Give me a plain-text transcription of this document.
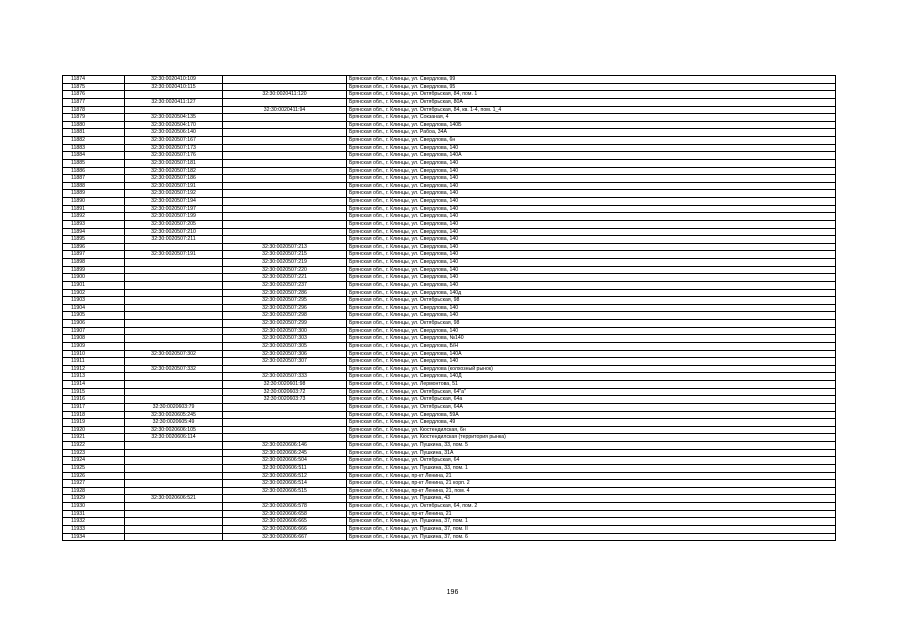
11874	32:30:0020410:109		Брянская обл., г. Клинцы, ул. Свердлова, 99
11875	32:30:0020410:115		Брянская обл., г. Клинцы, ул. Свердлова, 95
11876		32:30:0020411:120	Брянская обл., г. Клинцы, ул. Октябрьская, 84, пом. 1
11877	32:30:0020411:127		Брянская обл., г. Клинцы, ул. Октябрьская, 80А
11878		32:30:0020411:94	Брянская обл., г. Клинцы, ул. Октябрьская, 84, кв. 1-4, пом. 1_4
11879	32:30:0020504:135		Брянская обл., г. Клинцы, ул. Сокзаная, 4
11880	32:30:0020504:170		Брянская обл., г. Клинцы, ул. Свердлова, 140Б
11881	32:30:0020506:140		Брянская обл., г. Клинцы, ул. Рабоа, 34А
11882	32:30:0020507:167		Брянская обл., г. Клинцы, ул. Свердлова, 6н
11883	32:30:0020507:173		Брянская обл., г. Клинцы, ул. Свердлова, 140
11884	32:30:0020507:176		Брянская обл., г. Клинцы, ул. Свердлова, 140А
11885	32:30:0020507:181		Брянская обл., г. Клинцы, ул. Свердлова, 140
11886	32:30:0020507:182		Брянская обл., г. Клинцы, ул. Свердлова, 140
11887	32:30:0020507:186		Брянская обл., г. Клинцы, ул. Свердлова, 140
11888	32:30:0020507:191		Брянская обл., г. Клинцы, ул. Свердлова, 140
11889	32:30:0020507:192		Брянская обл., г. Клинцы, ул. Свердлова, 140
11890	32:30:0020507:194		Брянская обл., г. Клинцы, ул. Свердлова, 140
11891	32:30:0020507:197		Брянская обл., г. Клинцы, ул. Свердлова, 140
11892	32:30:0020507:199		Брянская обл., г. Клинцы, ул. Свердлова, 140
11893	32:30:0020507:205		Брянская обл., г. Клинцы, ул. Свердлова, 140
11894	32:30:0020507:210		Брянская обл., г. Клинцы, ул. Свердлова, 140
11895	32:30:0020507:211		Брянская обл., г. Клинцы, ул. Свердлова, 140
11896		32:30:0020507:213	Брянская обл., г. Клинцы, ул. Свердлова, 140
11897	32:30:0020507:191	32:30:0020507:215	Брянская обл., г. Клинцы, ул. Свердлова, 140
11898		32:30:0020507:219	Брянская обл., г. Клинцы, ул. Свердлова, 140
11899		32:30:0020507:220	Брянская обл., г. Клинцы, ул. Свердлова, 140
11900		32:30:0020507:221	Брянская обл., г. Клинцы, ул. Свердлова, 140
11901		32:30:0020507:237	Брянская обл., г. Клинцы, ул. Свердлова, 140
11902		32:30:0020507:286	Брянская обл., г. Клинцы, ул. Свердлова, 140д
11903		32:30:0020507:295	Брянская обл., г. Клинцы, ул. Октябрьская, 98
11904		32:30:0020507:296	Брянская обл., г. Клинцы, ул. Свердлова, 140
11905		32:30:0020507:298	Брянская обл., г. Клинцы, ул. Свердлова, 140
11906		32:30:0020507:299	Брянская обл., г. Клинцы, ул. Октябрьская, 98
11907		32:30:0020507:300	Брянская обл., г. Клинцы, ул. Свердлова, 140
11908		32:30:0020507:303	Брянская обл., г. Клинцы, ул. Свердлова, №140
11909		32:30:0020507:305	Брянская обл., г. Клинцы, ул. Свердлова, Б/Н
11910	32:30:0020507:302	32:30:0020507:306	Брянская обл., г. Клинцы, ул. Свердлова, 140А
11911		32:30:0020507:307	Брянская обл., г. Клинцы, ул. Свердлова, 140
11912	32:30:0020507:332		Брянская обл., г. Клинцы, ул. Свердлова (колхозный рынок)
11913		32:30:0020507:333	Брянская обл., г. Клинцы, ул. Свердлова, 140Д
11914		32:30:0020601:98	Брянская обл., г. Клинцы, ул. Лермонтова, 51
11915		32:30:0020603:72	Брянская обл., г. Клинцы, ул. Октябрьская, 64"а"
11916		32:30:0020603:73	Брянская обл., г. Клинцы, ул. Октябрьская, 64а
11917	32:30:0020603:79		Брянская обл., г. Клинцы, ул. Октябрьская, 64А
11918	32:30:0020605:245		Брянская обл., г. Клинцы, ул. Свердлова, 59А
11919	32:30:0020605:49		Брянская обл., г. Клинцы, ул. Свердлова, 49
11920	32:30:0020606:105		Брянская обл., г. Клинцы, ул. Кюстендилская, 6н
11921	32:30:0020606:114		Брянская обл., г. Клинцы, ул. Кюстендилская (территория рынка)
11922		32:30:0020606:146	Брянская обл., г. Клинцы, ул. Пушкина, 33, пом. 5
11923		32:30:0020606:245	Брянская обл., г. Клинцы, ул. Пушкина, 31А
11924		32:30:0020606:504	Брянская обл., г. Клинцы, ул. Октябрьская, 64
11925		32:30:0020606:511	Брянская обл., г. Клинцы, ул. Пушкина, 33, пом. 1
11926		32:30:0020606:512	Брянская обл., г. Клинцы, пр-кт Ленина, 21
11927		32:30:0020606:514	Брянская обл., г. Клинцы, пр-кт Ленина, 21 корп. 2
11928		32:30:0020606:515	Брянская обл., г. Клинцы, пр-кт Ленина, 21, пом. 4
11929	32:30:0020606:521		Брянская обл., г. Клинцы, ул. Пушкина, 43
11930		32:30:0020606:578	Брянская обл., г. Клинцы, ул. Октябрьская, 64, пом. 2
11931		32:30:0020606:658	Брянская обл., г. Клинцы, пр-кт Ленина, 21
11932		32:30:0020606:665	Брянская обл., г. Клинцы, ул. Пушкина, 37, пом. 1
11933		32:30:0020606:666	Брянская обл., г. Клинцы, ул. Пушкина, 37, пом. II
11934		32:30:0020606:667	Брянская обл., г. Клинцы, ул. Пушкина, 37, пом. 6
196
